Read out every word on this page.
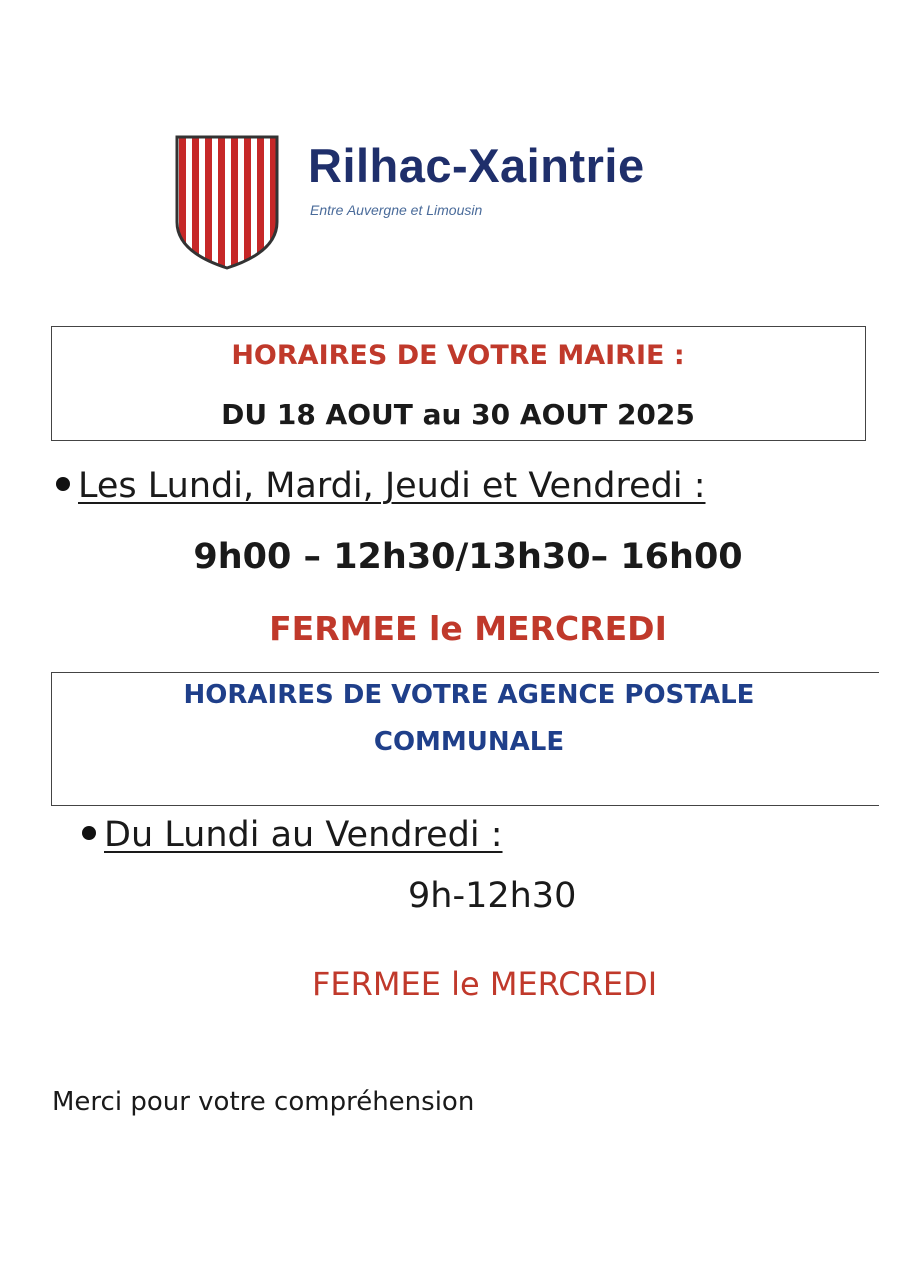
Rilhac-Xaintrie
Entre Auvergne et Limousin
HORAIRES DE VOTRE MAIRIE :
DU 18 AOUT au 30 AOUT 2025
Les Lundi, Mardi, Jeudi et Vendredi :
9h00 – 12h30/13h30– 16h00
FERMEE le MERCREDI
HORAIRES DE VOTRE AGENCE POSTALE
COMMUNALE
Du Lundi au Vendredi :
9h-12h30
FERMEE le MERCREDI
Merci pour votre compréhension
